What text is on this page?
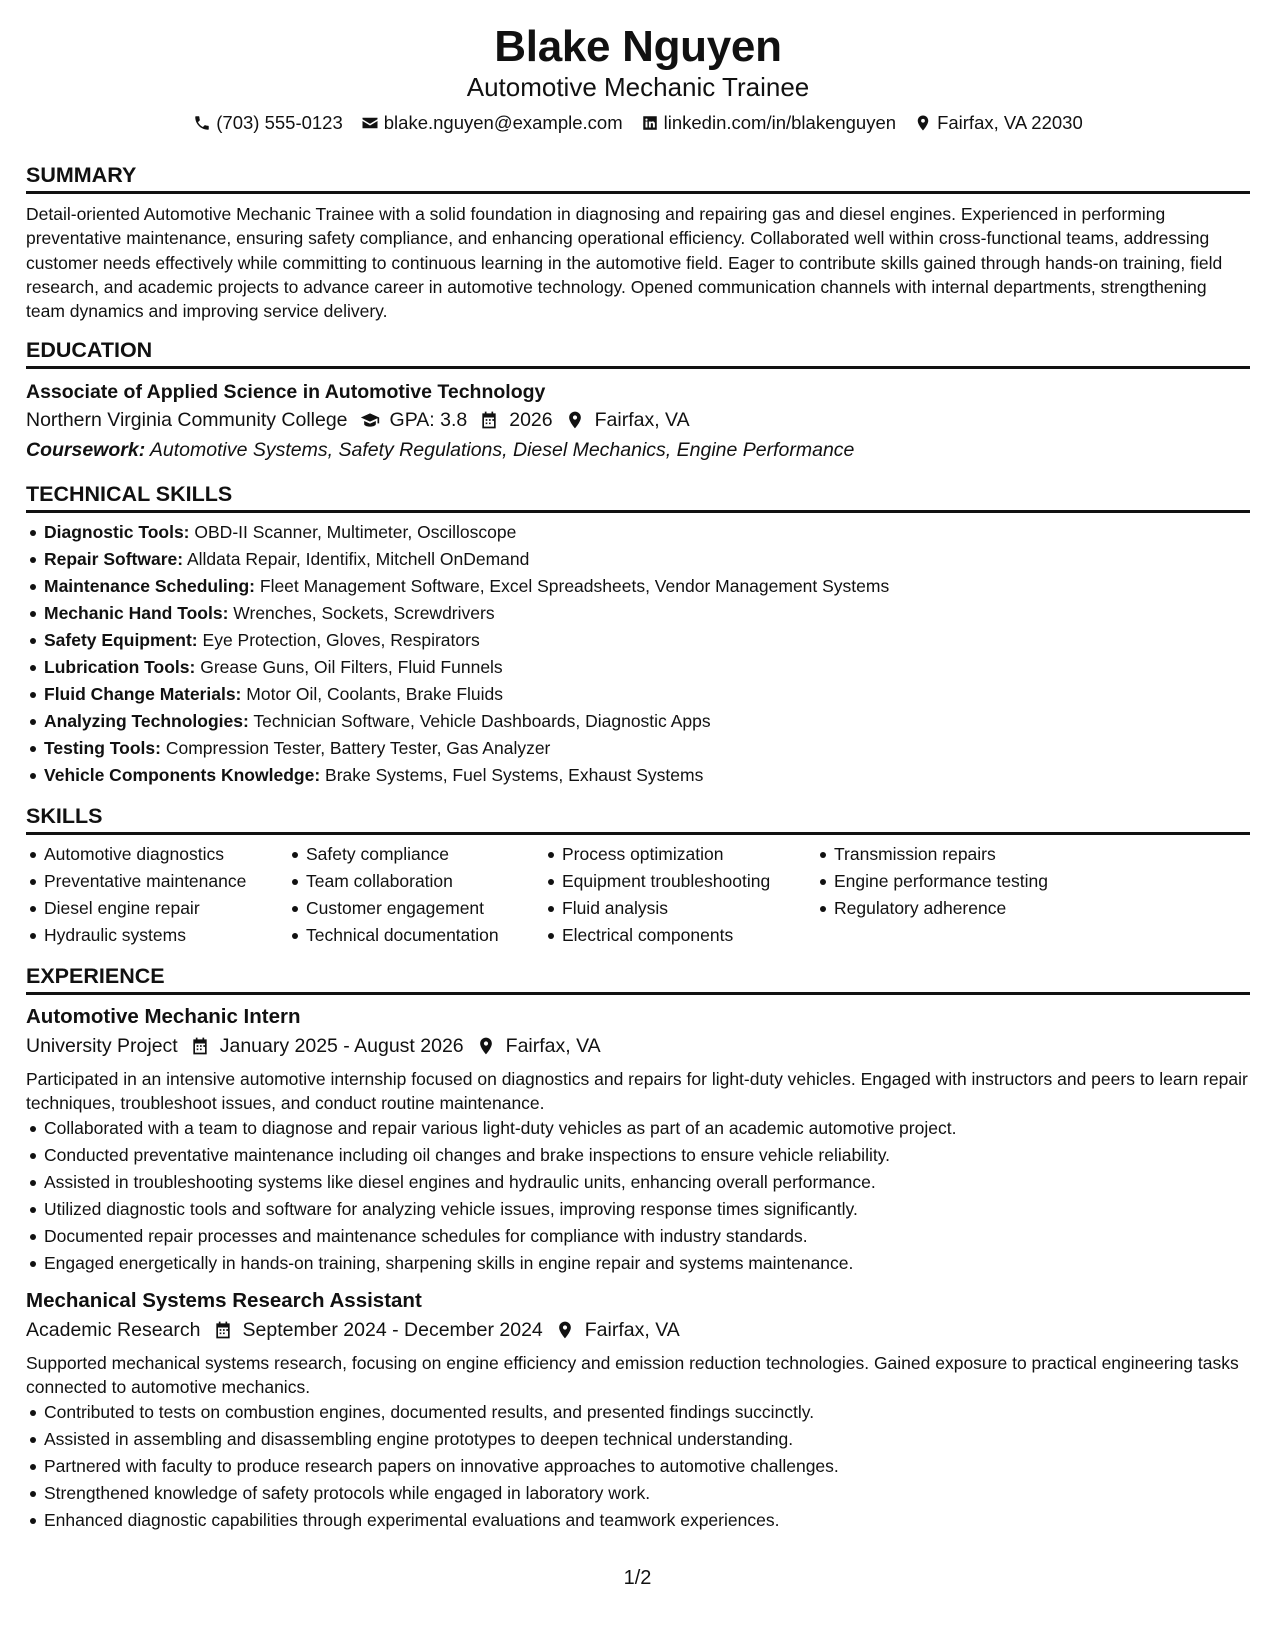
Blake Nguyen
Automotive Mechanic Trainee
(703) 555-0123 blake.nguyen@example.com linkedin.com/in/blakenguyen Fairfax, VA 22030
SUMMARY
Detail-oriented Automotive Mechanic Trainee with a solid foundation in diagnosing and repairing gas and diesel engines. Experienced in performing preventative maintenance, ensuring safety compliance, and enhancing operational efficiency. Collaborated well within cross-functional teams, addressing customer needs effectively while committing to continuous learning in the automotive field. Eager to contribute skills gained through hands-on training, field research, and academic projects to advance career in automotive technology. Opened communication channels with internal departments, strengthening team dynamics and improving service delivery.
EDUCATION
Associate of Applied Science in Automotive Technology
Northern Virginia Community College GPA: 3.8 2026 Fairfax, VA
Coursework: Automotive Systems, Safety Regulations, Diesel Mechanics, Engine Performance
TECHNICAL SKILLS
Diagnostic Tools: OBD-II Scanner, Multimeter, Oscilloscope
Repair Software: Alldata Repair, Identifix, Mitchell OnDemand
Maintenance Scheduling: Fleet Management Software, Excel Spreadsheets, Vendor Management Systems
Mechanic Hand Tools: Wrenches, Sockets, Screwdrivers
Safety Equipment: Eye Protection, Gloves, Respirators
Lubrication Tools: Grease Guns, Oil Filters, Fluid Funnels
Fluid Change Materials: Motor Oil, Coolants, Brake Fluids
Analyzing Technologies: Technician Software, Vehicle Dashboards, Diagnostic Apps
Testing Tools: Compression Tester, Battery Tester, Gas Analyzer
Vehicle Components Knowledge: Brake Systems, Fuel Systems, Exhaust Systems
SKILLS
Automotive diagnostics
Preventative maintenance
Diesel engine repair
Hydraulic systems
Safety compliance
Team collaboration
Customer engagement
Technical documentation
Process optimization
Equipment troubleshooting
Fluid analysis
Electrical components
Transmission repairs
Engine performance testing
Regulatory adherence
EXPERIENCE
Automotive Mechanic Intern
University Project January 2025 - August 2026 Fairfax, VA
Participated in an intensive automotive internship focused on diagnostics and repairs for light-duty vehicles. Engaged with instructors and peers to learn repair techniques, troubleshoot issues, and conduct routine maintenance.
Collaborated with a team to diagnose and repair various light-duty vehicles as part of an academic automotive project.
Conducted preventative maintenance including oil changes and brake inspections to ensure vehicle reliability.
Assisted in troubleshooting systems like diesel engines and hydraulic units, enhancing overall performance.
Utilized diagnostic tools and software for analyzing vehicle issues, improving response times significantly.
Documented repair processes and maintenance schedules for compliance with industry standards.
Engaged energetically in hands-on training, sharpening skills in engine repair and systems maintenance.
Mechanical Systems Research Assistant
Academic Research September 2024 - December 2024 Fairfax, VA
Supported mechanical systems research, focusing on engine efficiency and emission reduction technologies. Gained exposure to practical engineering tasks connected to automotive mechanics.
Contributed to tests on combustion engines, documented results, and presented findings succinctly.
Assisted in assembling and disassembling engine prototypes to deepen technical understanding.
Partnered with faculty to produce research papers on innovative approaches to automotive challenges.
Strengthened knowledge of safety protocols while engaged in laboratory work.
Enhanced diagnostic capabilities through experimental evaluations and teamwork experiences.
1/2
